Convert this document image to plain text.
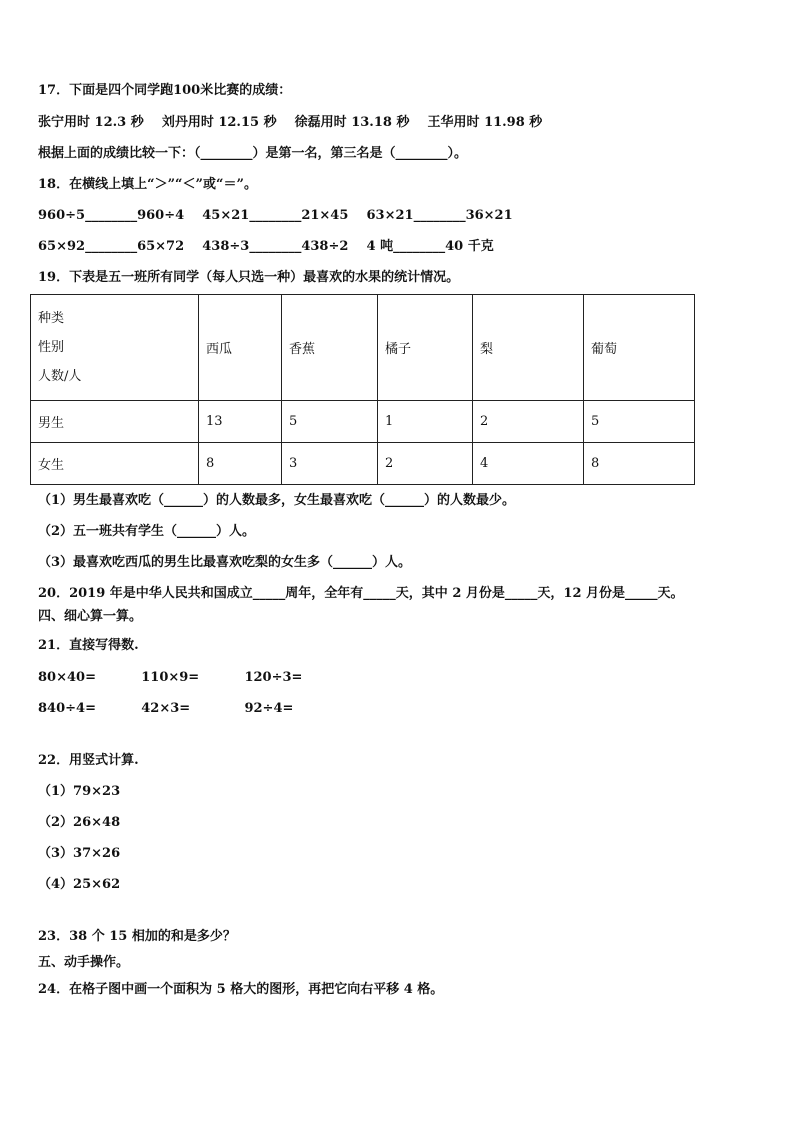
17．下面是四个同学跑100米比赛的成绩：
张宁用时 12.3 秒    刘丹用时 12.15 秒    徐磊用时 13.18 秒    王华用时 11.98 秒
根据上面的成绩比较一下：（________）是第一名，第三名是（________）。
18．在横线上填上“＞”“＜”或“＝”。
960÷5________960÷4    45×21________21×45    63×21________36×21
65×92________65×72    438÷3________438÷2    4 吨________40 千克
19．下表是五一班所有同学（每人只选一种）最喜欢的水果的统计情况。
种类
性别
人数/人	西瓜	香蕉	橘子	梨	葡萄
男生	13	5	1	2	5
女生	8	3	2	4	8
（1）男生最喜欢吃（______）的人数最多，女生最喜欢吃（______）的人数最少。
（2）五一班共有学生（______）人。
（3）最喜欢吃西瓜的男生比最喜欢吃梨的女生多（______）人。
20．2019 年是中华人民共和国成立_____周年，全年有_____天，其中 2 月份是_____天，12 月份是_____天。
四、细心算一算。
21．直接写得数.
80×40=          110×9=          120÷3=
840÷4=          42×3=            92÷4=
22．用竖式计算.
（1）79×23
（2）26×48
（3）37×26
（4）25×62
23．38 个 15 相加的和是多少？
五、动手操作。
24．在格子图中画一个面积为 5 格大的图形，再把它向右平移 4 格。
